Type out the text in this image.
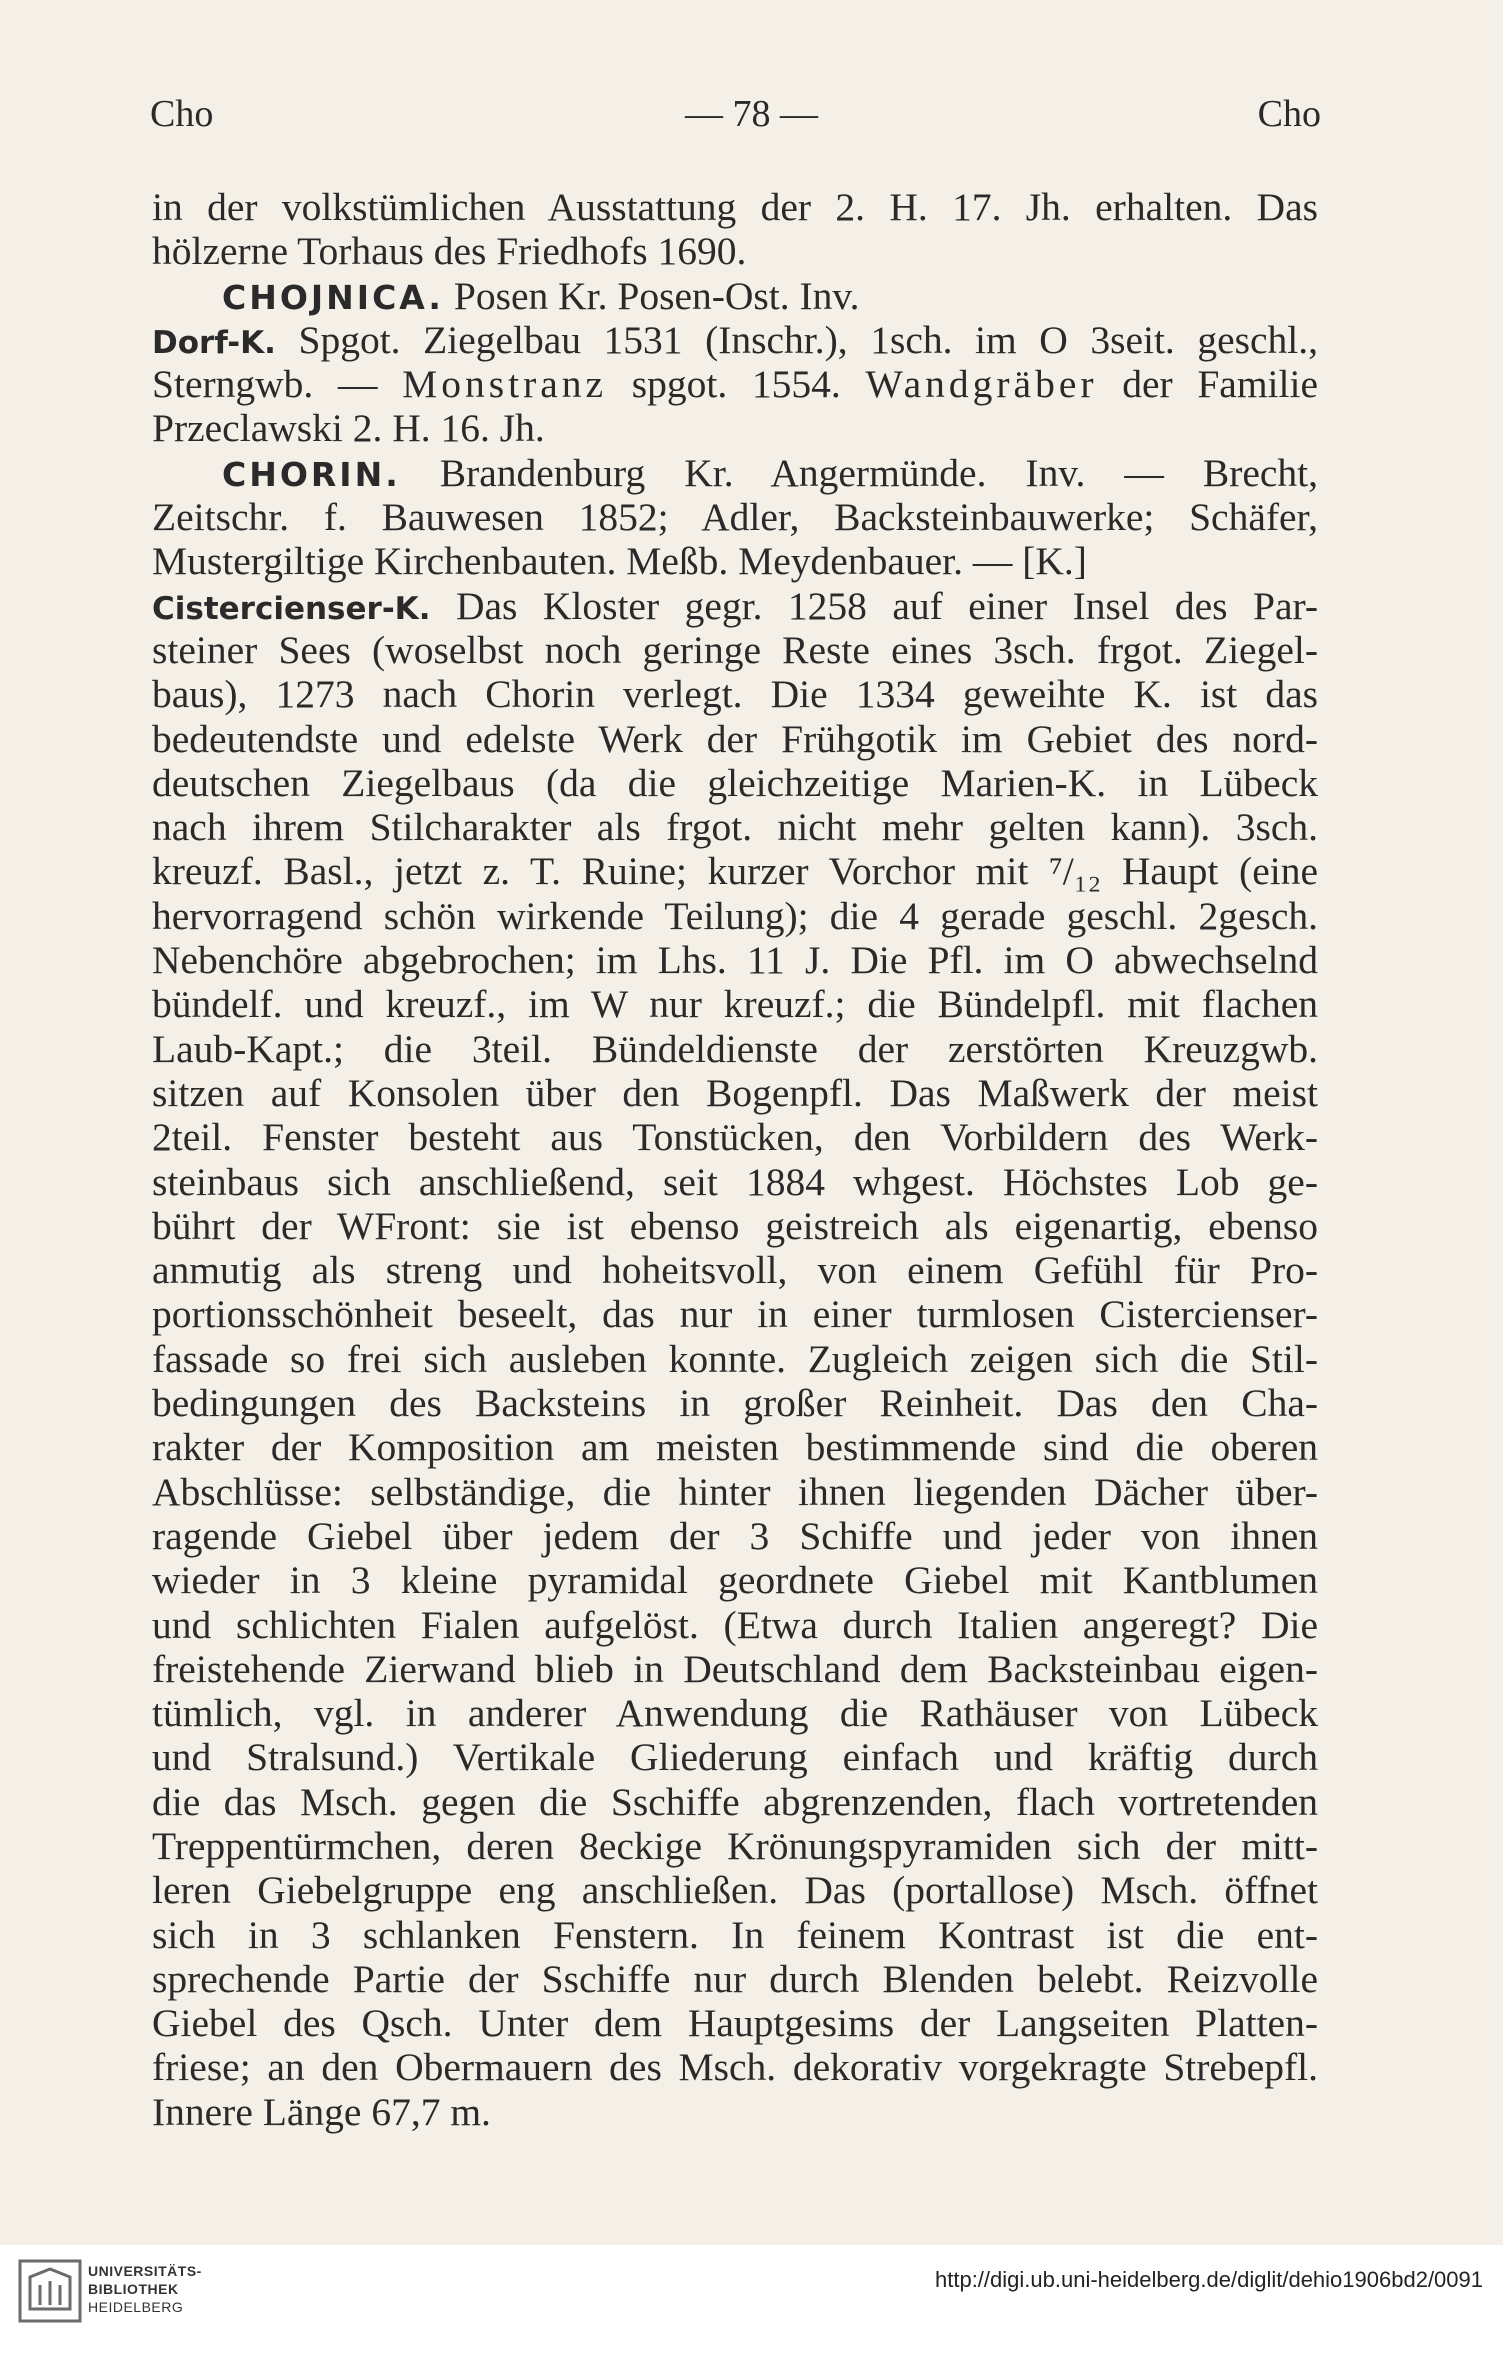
Cho	— 78 —	Cho
in der volkstümlichen Ausstattung der 2. H. 17. Jh. erhalten. Das
hölzerne Torhaus des Friedhofs 1690.
CHOJNICA. Posen Kr. Posen-Ost. Inv.
Dorf-K. Spgot. Ziegelbau 1531 (Inschr.), 1sch. im O 3seit. geschl.,
Sterngwb. — Monstranz spgot. 1554. Wandgräber der Familie
Przeclawski 2. H. 16. Jh.
CHORIN. Brandenburg Kr. Angermünde. Inv. — Brecht,
Zeitschr. f. Bauwesen 1852; Adler, Backsteinbauwerke; Schäfer,
Mustergiltige Kirchenbauten. Meßb. Meydenbauer. — [K.]
Cistercienser-K. Das Kloster gegr. 1258 auf einer Insel des Par-
steiner Sees (woselbst noch geringe Reste eines 3sch. frgot. Ziegel-
baus), 1273 nach Chorin verlegt. Die 1334 geweihte K. ist das
bedeutendste und edelste Werk der Frühgotik im Gebiet des nord-
deutschen Ziegelbaus (da die gleichzeitige Marien-K. in Lübeck
nach ihrem Stilcharakter als frgot. nicht mehr gelten kann). 3sch.
kreuzf. Basl., jetzt z. T. Ruine; kurzer Vorchor mit ⁷/₁₂ Haupt (eine
hervorragend schön wirkende Teilung); die 4 gerade geschl. 2gesch.
Nebenchöre abgebrochen; im Lhs. 11 J. Die Pfl. im O abwechselnd
bündelf. und kreuzf., im W nur kreuzf.; die Bündelpfl. mit flachen
Laub-Kapt.; die 3teil. Bündeldienste der zerstörten Kreuzgwb.
sitzen auf Konsolen über den Bogenpfl. Das Maßwerk der meist
2teil. Fenster besteht aus Tonstücken, den Vorbildern des Werk-
steinbaus sich anschließend, seit 1884 whgest. Höchstes Lob ge-
bührt der WFront: sie ist ebenso geistreich als eigenartig, ebenso
anmutig als streng und hoheitsvoll, von einem Gefühl für Pro-
portionsschönheit beseelt, das nur in einer turmlosen Cistercienser-
fassade so frei sich ausleben konnte. Zugleich zeigen sich die Stil-
bedingungen des Backsteins in großer Reinheit. Das den Cha-
rakter der Komposition am meisten bestimmende sind die oberen
Abschlüsse: selbständige, die hinter ihnen liegenden Dächer über-
ragende Giebel über jedem der 3 Schiffe und jeder von ihnen
wieder in 3 kleine pyramidal geordnete Giebel mit Kantblumen
und schlichten Fialen aufgelöst. (Etwa durch Italien angeregt? Die
freistehende Zierwand blieb in Deutschland dem Backsteinbau eigen-
tümlich, vgl. in anderer Anwendung die Rathäuser von Lübeck
und Stralsund.) Vertikale Gliederung einfach und kräftig durch
die das Msch. gegen die Sschiffe abgrenzenden, flach vortretenden
Treppentürmchen, deren 8eckige Krönungspyramiden sich der mitt-
leren Giebelgruppe eng anschließen. Das (portallose) Msch. öffnet
sich in 3 schlanken Fenstern. In feinem Kontrast ist die ent-
sprechende Partie der Sschiffe nur durch Blenden belebt. Reizvolle
Giebel des Qsch. Unter dem Hauptgesims der Langseiten Platten-
friese; an den Obermauern des Msch. dekorativ vorgekragte Strebepfl.
Innere Länge 67,7 m.
UNIVERSITÄTS-
BIBLIOTHEK
HEIDELBERG
http://digi.ub.uni-heidelberg.de/diglit/dehio1906bd2/0091
